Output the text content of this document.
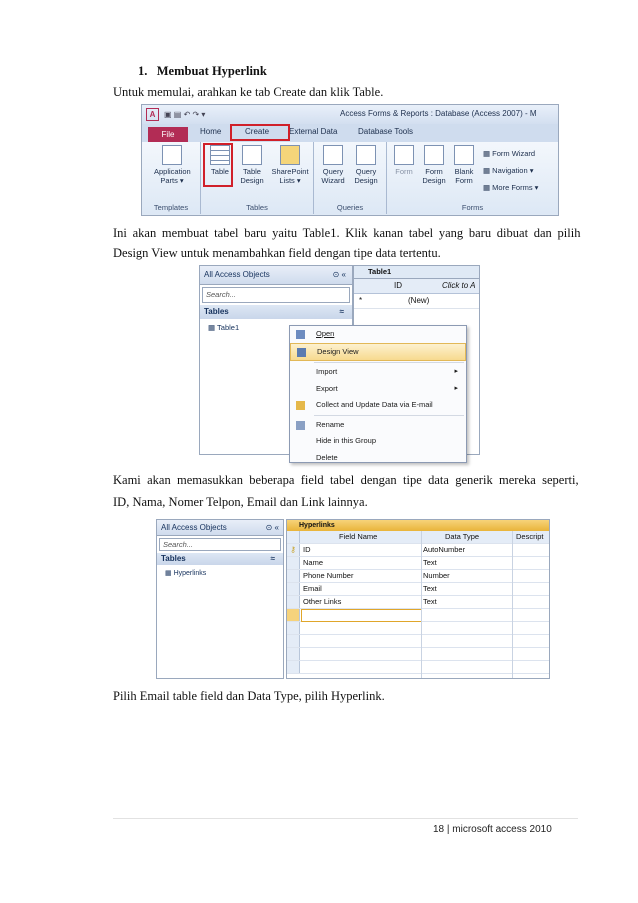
1. Membuat Hyperlink
Untuk memulai, arahkan ke tab Create dan klik Table.
A	▣ ▤ ↶ ↷ ▾	Access Forms & Reports : Database (Access 2007) - M
File	Home	Create External Data	Database Tools
Application Parts ▾
Templates
Table	Table Design
SharePoint Lists ▾
Tables
Query Wizard
Query Design
Queries
Form	Form Design
Blank Form
▦ Form Wizard
▦ Navigation ▾
▦ More Forms ▾
Forms
Ini akan membuat tabel baru yaitu Table1. Klik kanan tabel yang baru dibuat dan pilih
Design View untuk menambahkan field dengan tipe data tertentu.
All Access Objects	⊙ «
Search...
Tables	≈
▦ Table1
Table1
ID	Click to A
*	(New)
Open
Design View
Import	▸
Export	▸
Collect and Update Data via E-mail
Rename
Hide in this Group
Delete
Kami akan memasukkan beberapa field tabel dengan tipe data generik mereka seperti,
ID, Nama, Nomer Telpon, Email dan Link lainnya.
All Access Objects	⊙ «
Search...
Tables	≈
▦ Hyperlinks
Hyperlinks
Field Name	Data Type	Descript
⚷ ID	AutoNumber
Name	Text
Phone Number	Number
Email	Text
Other Links	Text
Pilih Email table field dan Data Type, pilih Hyperlink.
18 | microsoft access 2010
